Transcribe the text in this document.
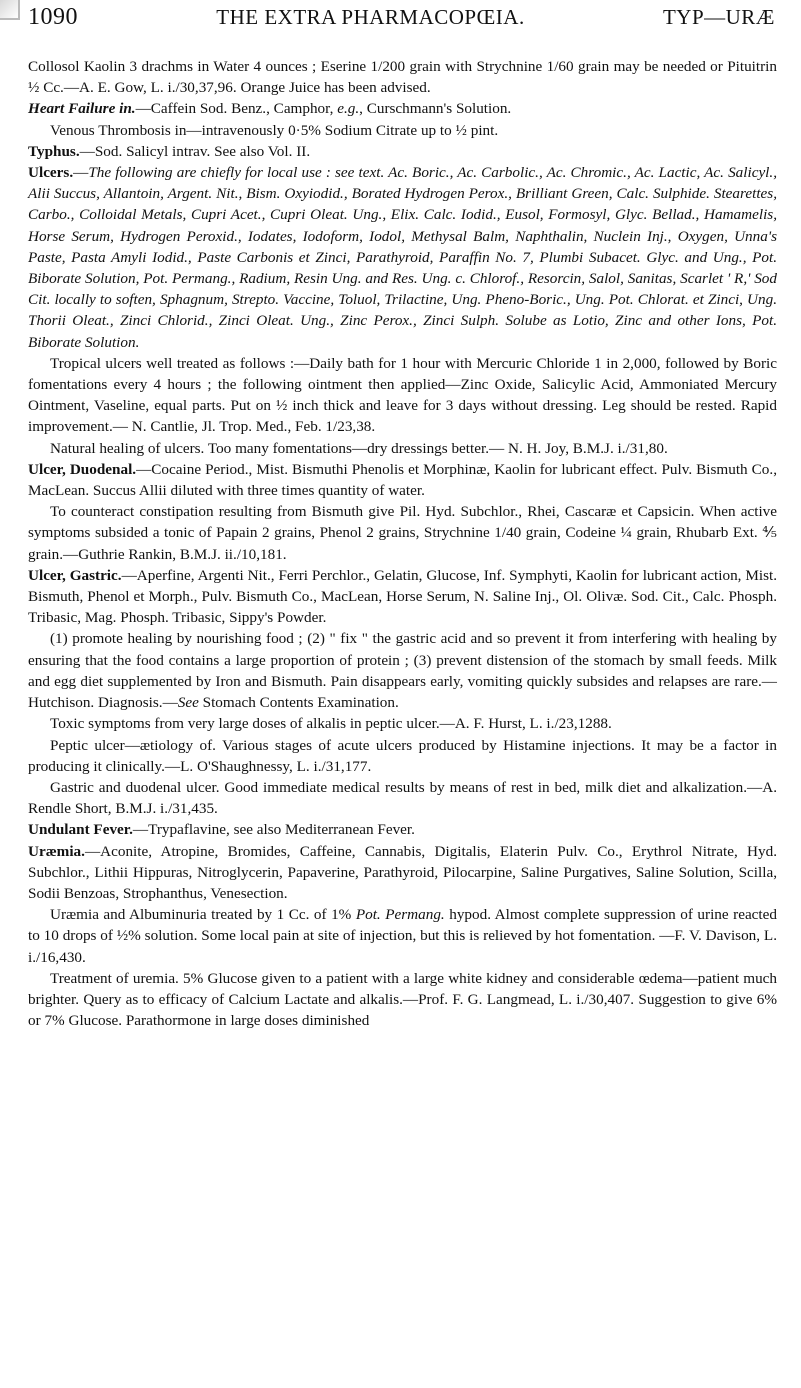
1090	THE EXTRA PHARMACOPŒIA.	TYP—URÆ

Collosol Kaolin 3 drachms in Water 4 ounces ; Eserine 1/200 grain with Strychnine 1/60 grain may be needed or Pituitrin ½ Cc.—A. E. Gow, L. i./30,37,96. Orange Juice has been advised.

Heart Failure in.—Caffein Sod. Benz., Camphor, e.g., Curschmann's Solution.

Venous Thrombosis in—intravenously 0·5% Sodium Citrate up to ½ pint.

Typhus.—Sod. Salicyl intrav. See also Vol. II.

Ulcers.—The following are chiefly for local use : see text. Ac. Boric., Ac. Carbolic., Ac. Chromic., Ac. Lactic, Ac. Salicyl., Alii Succus, Allantoin, Argent. Nit., Bism. Oxyiodid., Borated Hydrogen Perox., Brilliant Green, Calc. Sulphide. Stearettes, Carbo., Colloidal Metals, Cupri Acet., Cupri Oleat. Ung., Elix. Calc. Iodid., Eusol, Formosyl, Glyc. Bellad., Hamamelis, Horse Serum, Hydrogen Peroxid., Iodates, Iodoform, Iodol, Methysal Balm, Naphthalin, Nuclein Inj., Oxygen, Unna's Paste, Pasta Amyli Iodid., Paste Carbonis et Zinci, Parathyroid, Paraffin No. 7, Plumbi Subacet. Glyc. and Ung., Pot. Biborate Solution, Pot. Permang., Radium, Resin Ung. and Res. Ung. c. Chlorof., Resorcin, Salol, Sanitas, Scarlet ' R,' Sod Cit. locally to soften, Sphagnum, Strepto. Vaccine, Toluol, Trilactine, Ung. Pheno-Boric., Ung. Pot. Chlorat. et Zinci, Ung. Thorii Oleat., Zinci Chlorid., Zinci Oleat. Ung., Zinc Perox., Zinci Sulph. Solube as Lotio, Zinc and other Ions, Pot. Biborate Solution.

Tropical ulcers well treated as follows :—Daily bath for 1 hour with Mercuric Chloride 1 in 2,000, followed by Boric fomentations every 4 hours ; the following ointment then applied—Zinc Oxide, Salicylic Acid, Ammoniated Mercury Ointment, Vaseline, equal parts. Put on ½ inch thick and leave for 3 days without dressing. Leg should be rested. Rapid improvement.— N. Cantlie, Jl. Trop. Med., Feb. 1/23,38.

Natural healing of ulcers. Too many fomentations—dry dressings better.— N. H. Joy, B.M.J. i./31,80.

Ulcer, Duodenal.—Cocaine Period., Mist. Bismuthi Phenolis et Morphinæ, Kaolin for lubricant effect. Pulv. Bismuth Co., MacLean. Succus Allii diluted with three times quantity of water.

To counteract constipation resulting from Bismuth give Pil. Hyd. Subchlor., Rhei, Cascaræ et Capsicin. When active symptoms subsided a tonic of Papain 2 grains, Phenol 2 grains, Strychnine 1/40 grain, Codeine ¼ grain, Rhubarb Ext. ⅘ grain.—Guthrie Rankin, B.M.J. ii./10,181.

Ulcer, Gastric.—Aperfine, Argenti Nit., Ferri Perchlor., Gelatin, Glucose, Inf. Symphyti, Kaolin for lubricant action, Mist. Bismuth, Phenol et Morph., Pulv. Bismuth Co., MacLean, Horse Serum, N. Saline Inj., Ol. Olivæ. Sod. Cit., Calc. Phosph. Tribasic, Mag. Phosph. Tribasic, Sippy's Powder.

(1) promote healing by nourishing food ; (2) " fix " the gastric acid and so prevent it from interfering with healing by ensuring that the food contains a large proportion of protein ; (3) prevent distension of the stomach by small feeds. Milk and egg diet supplemented by Iron and Bismuth. Pain disappears early, vomiting quickly subsides and relapses are rare.—Hutchison. Diagnosis.—See Stomach Contents Examination.

Toxic symptoms from very large doses of alkalis in peptic ulcer.—A. F. Hurst, L. i./23,1288.

Peptic ulcer—ætiology of. Various stages of acute ulcers produced by Histamine injections. It may be a factor in producing it clinically.—L. O'Shaughnessy, L. i./31,177.

Gastric and duodenal ulcer. Good immediate medical results by means of rest in bed, milk diet and alkalization.—A. Rendle Short, B.M.J. i./31,435.

Undulant Fever.—Trypaflavine, see also Mediterranean Fever.

Uræmia.—Aconite, Atropine, Bromides, Caffeine, Cannabis, Digitalis, Elaterin Pulv. Co., Erythrol Nitrate, Hyd. Subchlor., Lithii Hippuras, Nitroglycerin, Papaverine, Parathyroid, Pilocarpine, Saline Purgatives, Saline Solution, Scilla, Sodii Benzoas, Strophanthus, Venesection.

Uræmia and Albuminuria treated by 1 Cc. of 1% Pot. Permang. hypod. Almost complete suppression of urine reacted to 10 drops of ½% solution. Some local pain at site of injection, but this is relieved by hot fomentation. —F. V. Davison, L. i./16,430.

Treatment of uremia. 5% Glucose given to a patient with a large white kidney and considerable œdema—patient much brighter. Query as to efficacy of Calcium Lactate and alkalis.—Prof. F. G. Langmead, L. i./30,407. Suggestion to give 6% or 7% Glucose. Parathormone in large doses diminished
